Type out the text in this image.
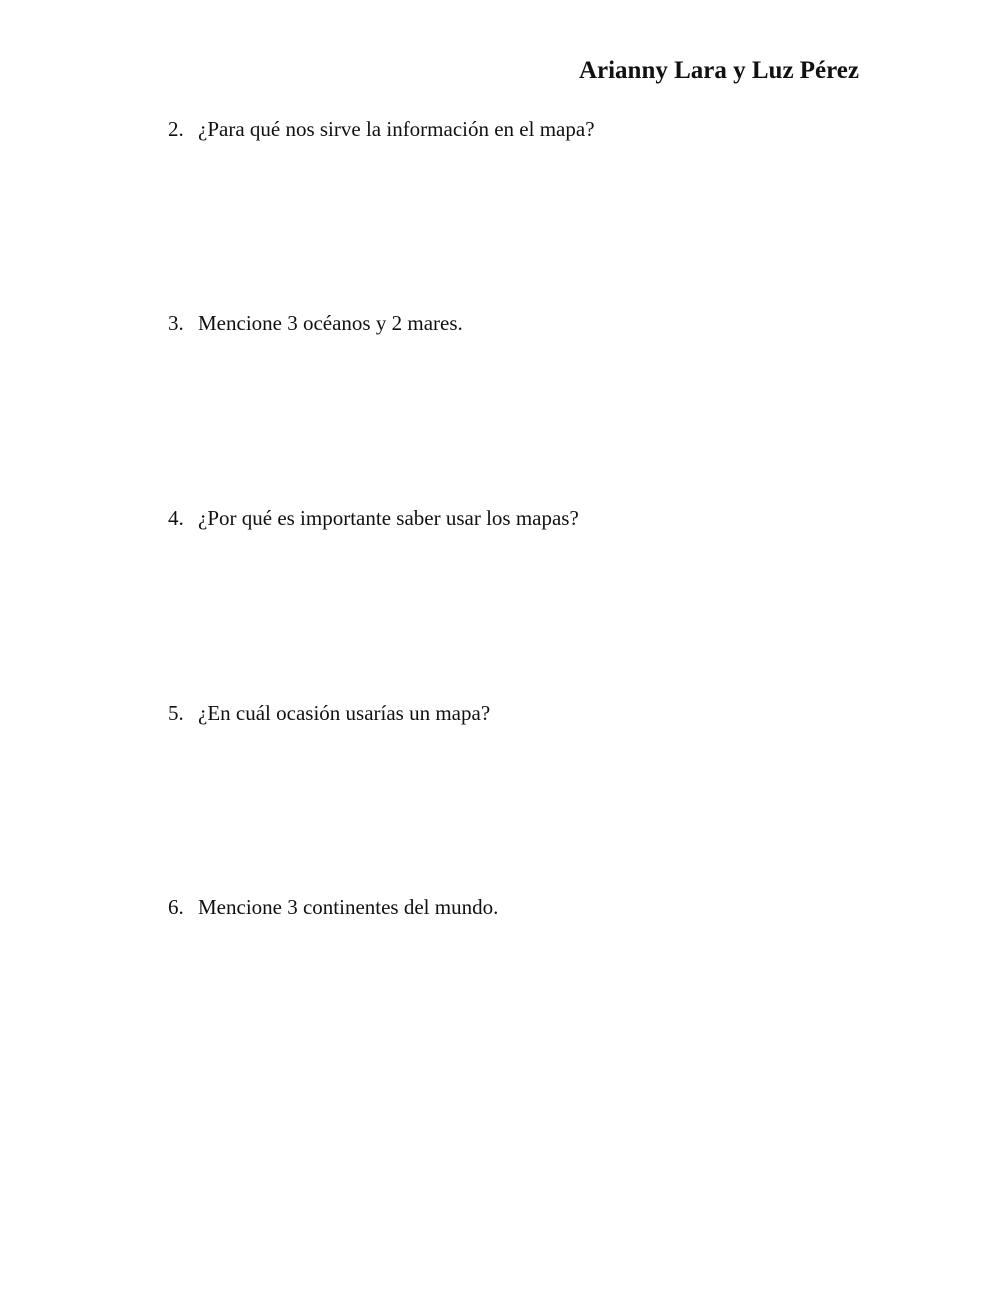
Arianny Lara y Luz Pérez
2. ¿Para qué nos sirve la información en el mapa?
3. Mencione 3 océanos y 2 mares.
4. ¿Por qué es importante saber usar los mapas?
5. ¿En cuál ocasión usarías un mapa?
6. Mencione 3 continentes del mundo.
